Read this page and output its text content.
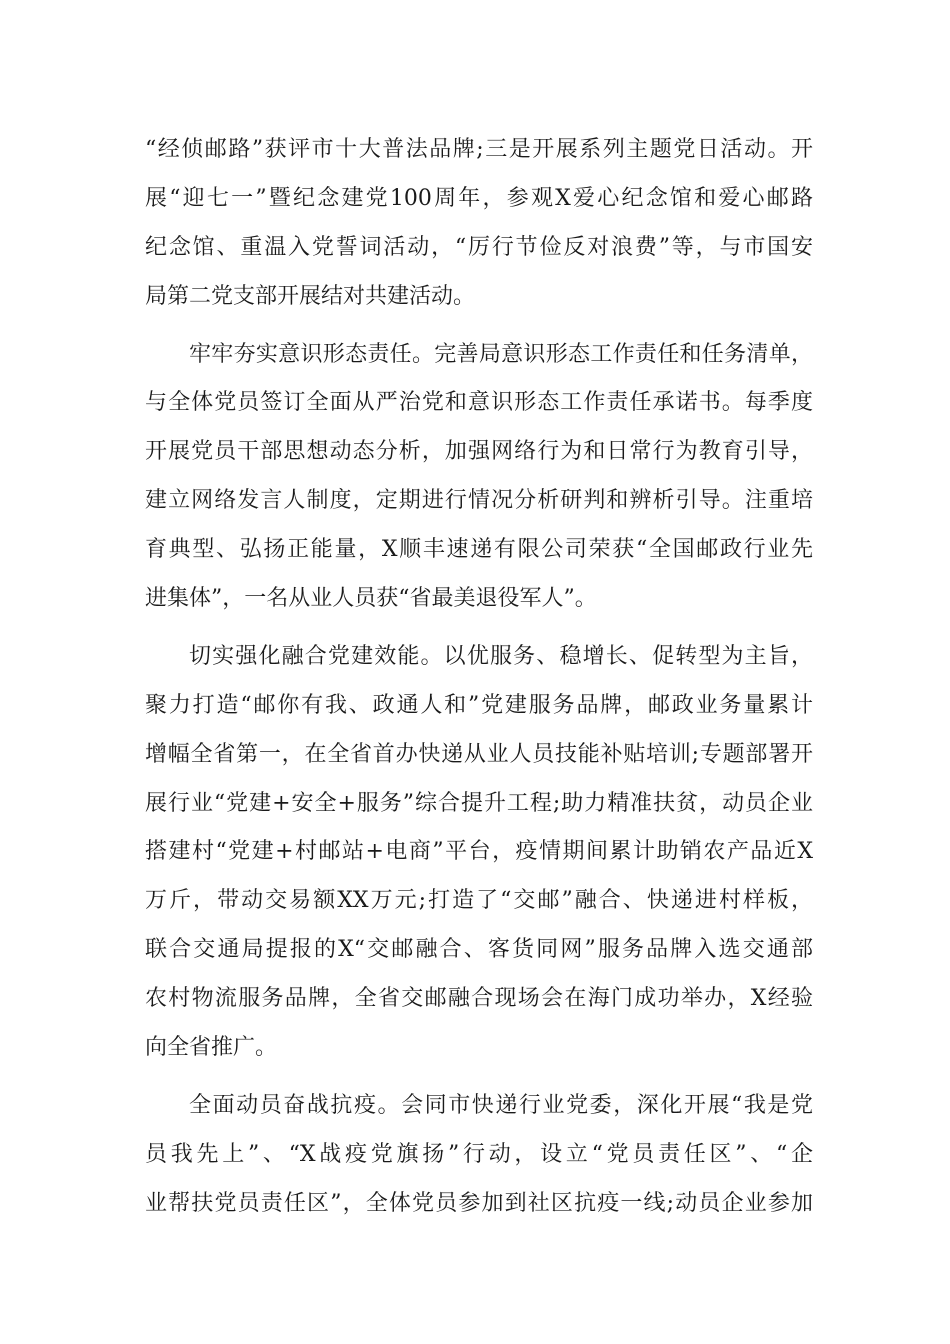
“经侦邮路”获评市十大普法品牌;三是开展系列主题党日活动。开
展“迎七一”暨纪念建党100周年，参观X爱心纪念馆和爱心邮路
纪念馆、重温入党誓词活动，“厉行节俭反对浪费”等，与市国安
局第二党支部开展结对共建活动。
牢牢夯实意识形态责任。完善局意识形态工作责任和任务清单，
与全体党员签订全面从严治党和意识形态工作责任承诺书。每季度
开展党员干部思想动态分析，加强网络行为和日常行为教育引导，
建立网络发言人制度，定期进行情况分析研判和辨析引导。注重培
育典型、弘扬正能量，X顺丰速递有限公司荣获“全国邮政行业先
进集体”，一名从业人员获“省最美退役军人”。
切实强化融合党建效能。以优服务、稳增长、促转型为主旨，
聚力打造“邮你有我、政通人和”党建服务品牌，邮政业务量累计
增幅全省第一，在全省首办快递从业人员技能补贴培训;专题部署开
展行业“党建+安全+服务”综合提升工程;助力精准扶贫，动员企业
搭建村“党建+村邮站+电商”平台，疫情期间累计助销农产品近X
万斤，带动交易额XX万元;打造了“交邮”融合、快递进村样板，
联合交通局提报的X“交邮融合、客货同网”服务品牌入选交通部
农村物流服务品牌，全省交邮融合现场会在海门成功举办，X经验
向全省推广。
全面动员奋战抗疫。会同市快递行业党委，深化开展“我是党
员我先上”、“X战疫党旗扬”行动，设立“党员责任区”、“企
业帮扶党员责任区”，全体党员参加到社区抗疫一线;动员企业参加
